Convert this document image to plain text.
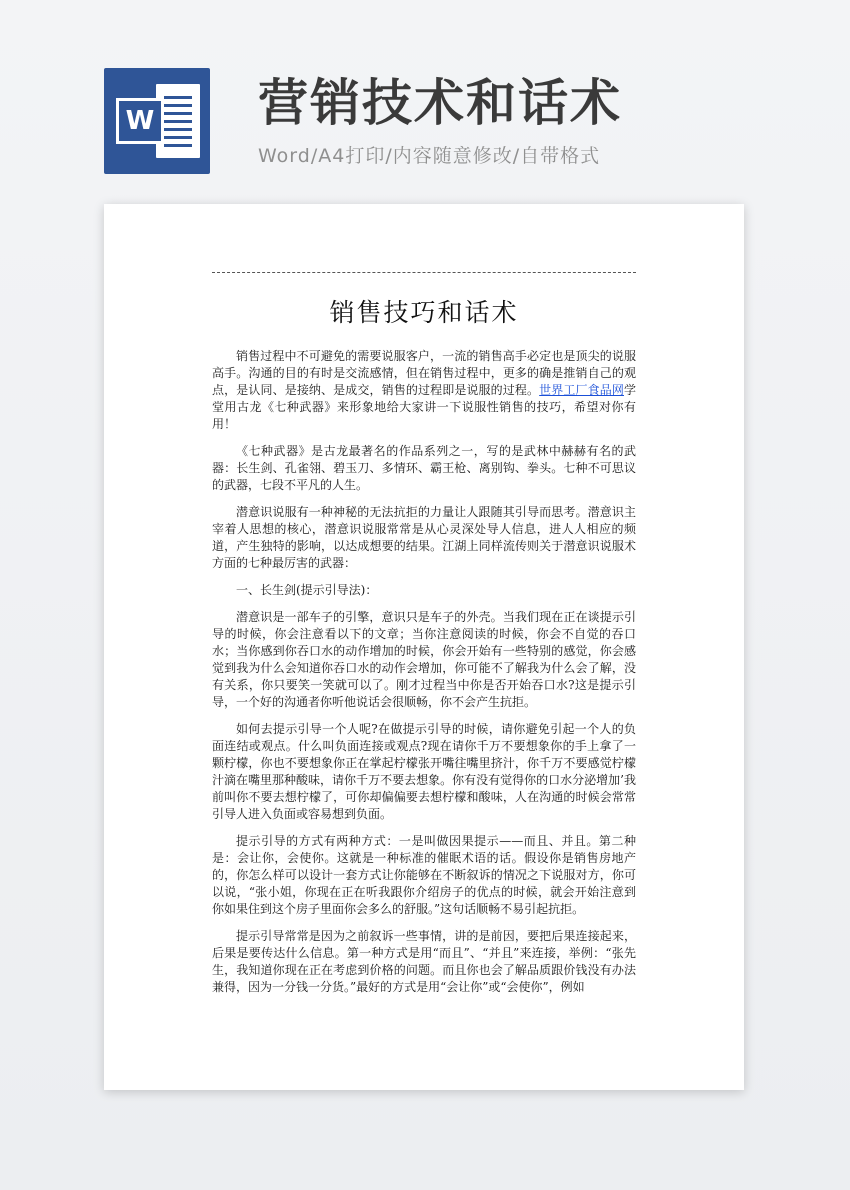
W 营销技术和话术
Word/A4打印/内容随意修改/自带格式
销售技巧和话术

销售过程中不可避免的需要说服客户，一流的销售高手必定也是顶尖的说服高手。沟通的目的有时是交流感情，但在销售过程中，更多的确是推销自己的观点，是认同、是接纳、是成交，销售的过程即是说服的过程。世界工厂食品网学堂用古龙《七种武器》来形象地给大家讲一下说服性销售的技巧，希望对你有用！

《七种武器》是古龙最著名的作品系列之一，写的是武林中赫赫有名的武器：长生剑、孔雀翎、碧玉刀、多情环、霸王枪、离别钩、拳头。七种不可思议的武器，七段不平凡的人生。

潜意识说服有一种神秘的无法抗拒的力量让人跟随其引导而思考。潜意识主宰着人思想的核心，潜意识说服常常是从心灵深处导人信息，进人人相应的频道，产生独特的影响，以达成想要的结果。江湖上同样流传则关于潜意识说服术方面的七种最厉害的武器：

一、长生剑(提示引导法)：

潜意识是一部车子的引擎，意识只是车子的外壳。当我们现在正在谈提示引导的时候，你会注意看以下的文章；当你注意阅读的时候，你会不自觉的吞口水；当你感到你吞口水的动作增加的时候，你会开始有一些特别的感觉，你会感觉到我为什么会知道你吞口水的动作会增加，你可能不了解我为什么会了解，没有关系，你只要笑一笑就可以了。刚才过程当中你是否开始吞口水?这是提示引导，一个好的沟通者你听他说话会很顺畅，你不会产生抗拒。

如何去提示引导一个人呢?在做提示引导的时候，请你避免引起一个人的负面连结或观点。什么叫负面连接或观点?现在请你千万不要想象你的手上拿了一颗柠檬，你也不要想象你正在掌起柠檬张开嘴往嘴里挤汁，你千万不要感觉柠檬汁滴在嘴里那种酸味，请你千万不要去想象。你有没有觉得你的口水分泌增加’我前叫你不要去想柠檬了，可你却偏偏要去想柠檬和酸味，人在沟通的时候会常常引导人进入负面或容易想到负面。

提示引导的方式有两种方式：一是叫做因果提示——而且、并且。第二种是：会让你，会使你。这就是一种标准的催眠术语的话。假设你是销售房地产的，你怎么样可以设计一套方式让你能够在不断叙诉的情况之下说服对方，你可以说，“张小姐，你现在正在听我跟你介绍房子的优点的时候，就会开始注意到你如果住到这个房子里面你会多么的舒服。”这句话顺畅不易引起抗拒。

提示引导常常是因为之前叙诉一些事情，讲的是前因，要把后果连接起来，后果是要传达什么信息。第一种方式是用“而且”、“并且”来连接，举例：“张先生，我知道你现在正在考虑到价格的问题。而且你也会了解品质跟价钱没有办法兼得，因为一分钱一分货。”最好的方式是用“会让你”或“会使你”，例如
